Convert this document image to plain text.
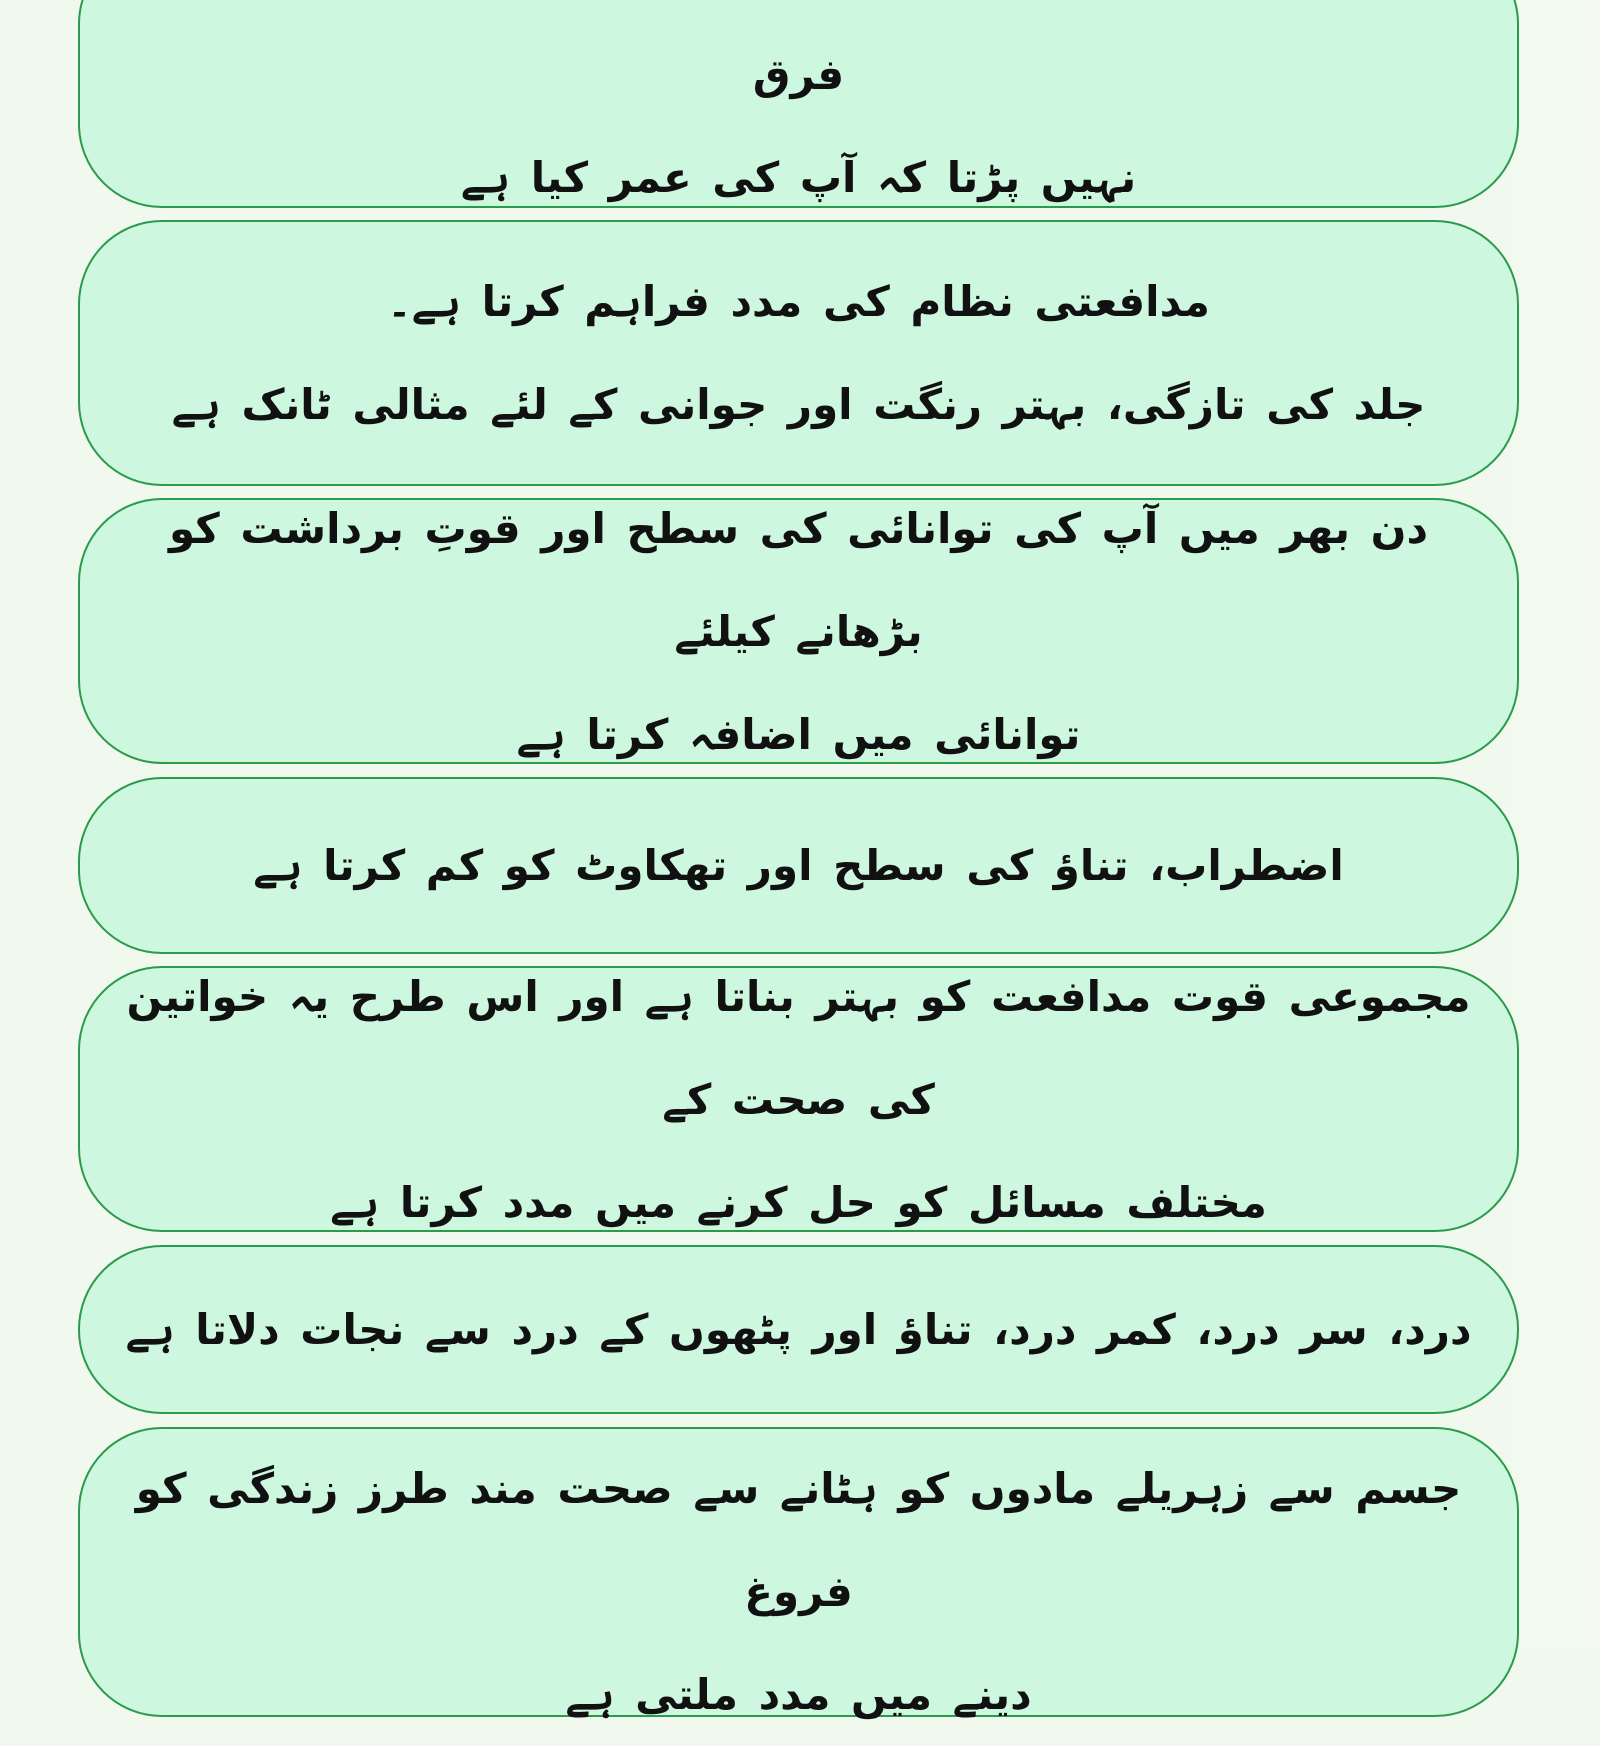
فرق
نہیں پڑتا کہ آپ کی عمر کیا ہے
مدافعتی نظام کی مدد فراہم کرتا ہے۔
جلد کی تازگی، بہتر رنگت اور جوانی کے لئے مثالی ٹانک ہے
دن بھر میں آپ کی توانائی کی سطح اور قوتِ برداشت کو بڑھانے کیلئے
توانائی میں اضافہ کرتا ہے
اضطراب، تناؤ کی سطح اور تھکاوٹ کو کم کرتا ہے
مجموعی قوت مدافعت کو بہتر بناتا ہے اور اس طرح یہ خواتین کی صحت کے
مختلف مسائل کو حل کرنے میں مدد کرتا ہے
درد، سر درد، کمر درد، تناؤ اور پٹھوں کے درد سے نجات دلاتا ہے
جسم سے زہریلے مادوں کو ہٹانے سے صحت مند طرز زندگی کو فروغ
دینے میں مدد ملتی ہے
